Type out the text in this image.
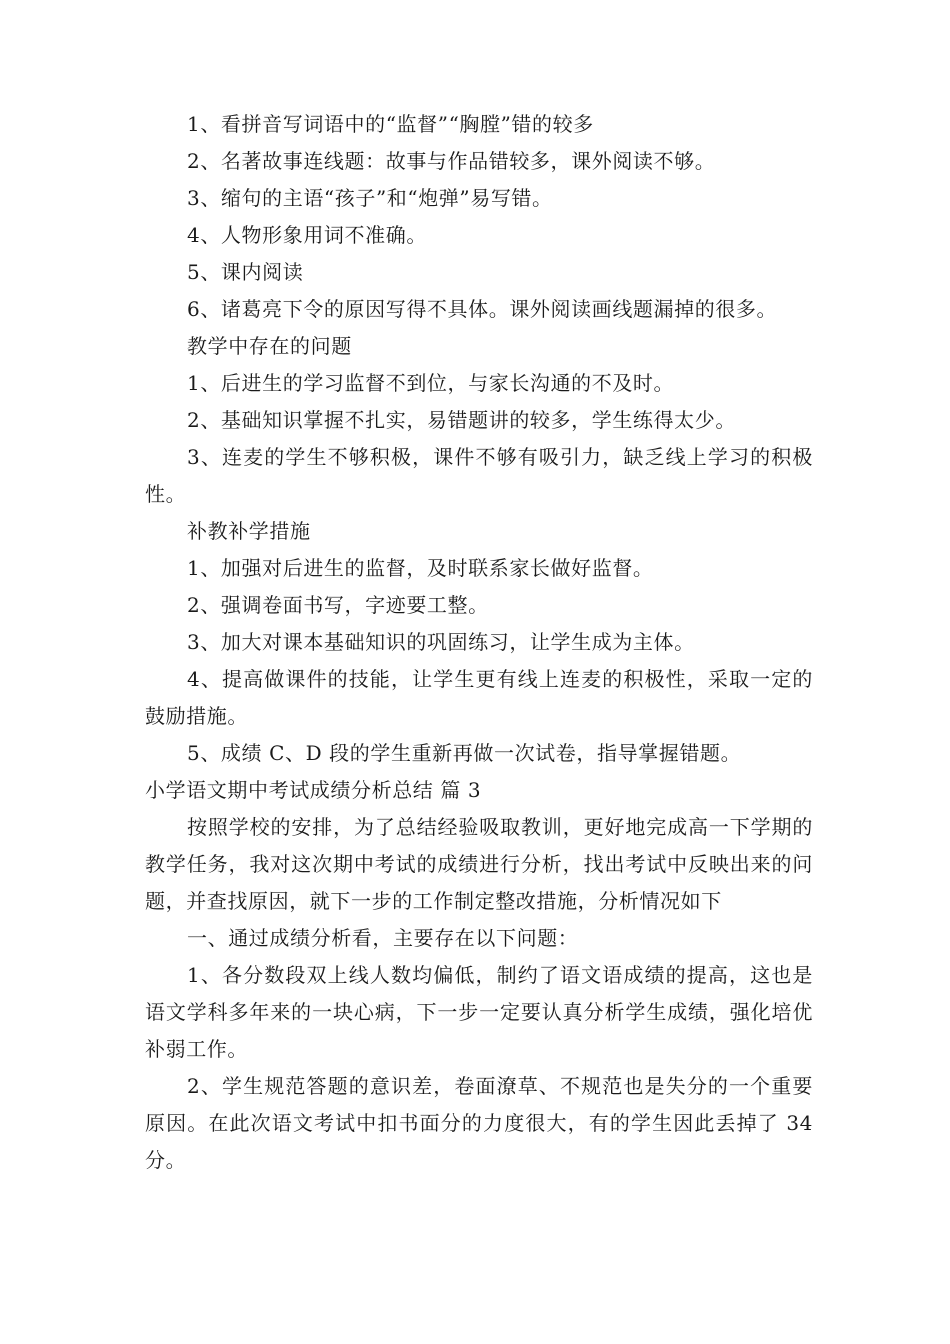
1、看拼音写词语中的“监督”“胸膛”错的较多

2、名著故事连线题：故事与作品错较多，课外阅读不够。

3、缩句的主语“孩子”和“炮弹”易写错。

4、人物形象用词不准确。

5、课内阅读

6、诸葛亮下令的原因写得不具体。课外阅读画线题漏掉的很多。

教学中存在的问题

1、后进生的学习监督不到位，与家长沟通的不及时。

2、基础知识掌握不扎实，易错题讲的较多，学生练得太少。

3、连麦的学生不够积极，课件不够有吸引力，缺乏线上学习的积极性。

补教补学措施

1、加强对后进生的监督，及时联系家长做好监督。

2、强调卷面书写，字迹要工整。

3、加大对课本基础知识的巩固练习，让学生成为主体。

4、提高做课件的技能，让学生更有线上连麦的积极性，采取一定的鼓励措施。

5、成绩 C、D 段的学生重新再做一次试卷，指导掌握错题。

小学语文期中考试成绩分析总结 篇 3

按照学校的安排，为了总结经验吸取教训，更好地完成高一下学期的教学任务，我对这次期中考试的成绩进行分析，找出考试中反映出来的问题，并查找原因，就下一步的工作制定整改措施，分析情况如下

一、通过成绩分析看，主要存在以下问题：

1、各分数段双上线人数均偏低，制约了语文语成绩的提高，这也是语文学科多年来的一块心病，下一步一定要认真分析学生成绩，强化培优补弱工作。

2、学生规范答题的意识差，卷面潦草、不规范也是失分的一个重要原因。在此次语文考试中扣书面分的力度很大，有的学生因此丢掉了 34 分。
